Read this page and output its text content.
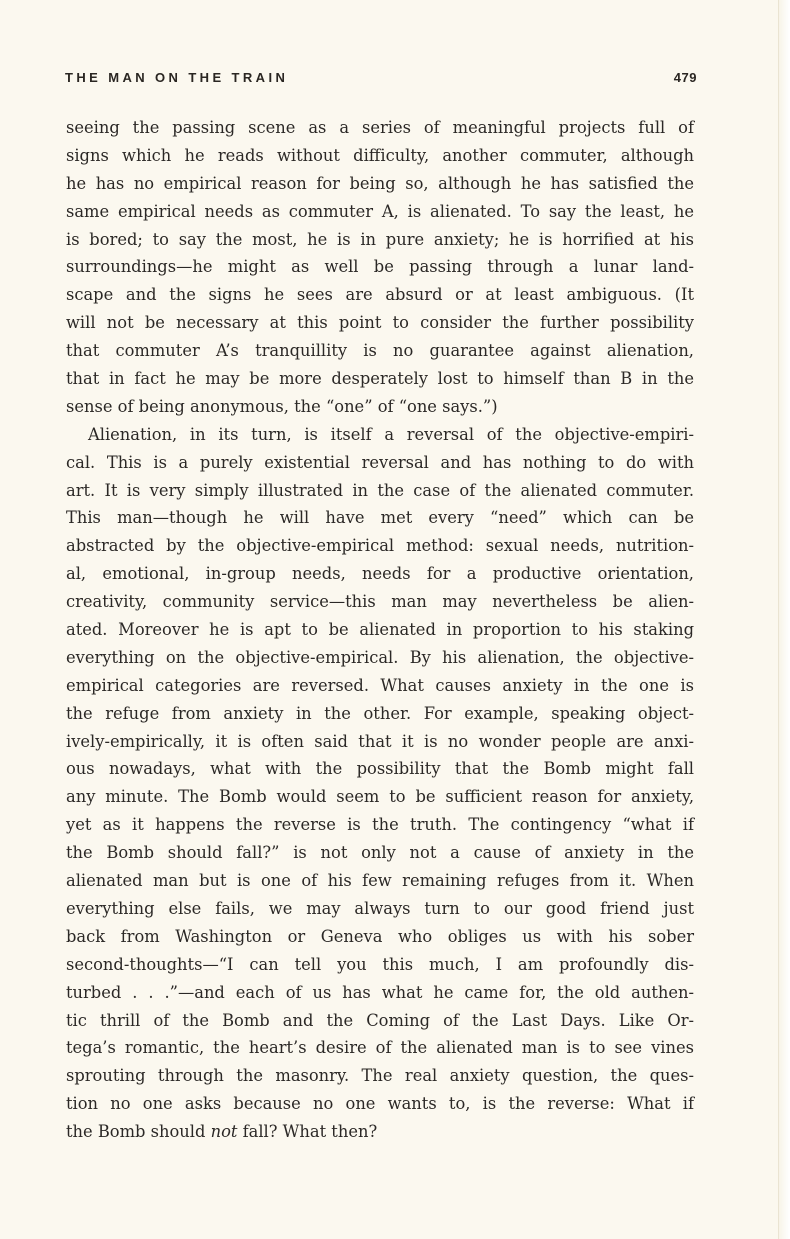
THE MAN ON THE TRAIN	479
seeing the passing scene as a series of meaningful projects full of
signs which he reads without difficulty, another commuter, although
he has no empirical reason for being so, although he has satisfied the
same empirical needs as commuter A, is alienated. To say the least, he
is bored; to say the most, he is in pure anxiety; he is horrified at his
surroundings—he might as well be passing through a lunar land-
scape and the signs he sees are absurd or at least ambiguous. (It
will not be necessary at this point to consider the further possibility
that commuter A’s tranquillity is no guarantee against alienation,
that in fact he may be more desperately lost to himself than B in the
sense of being anonymous, the “one” of “one says.”)
Alienation, in its turn, is itself a reversal of the objective-empiri-
cal. This is a purely existential reversal and has nothing to do with
art. It is very simply illustrated in the case of the alienated commuter.
This man—though he will have met every “need” which can be
abstracted by the objective-empirical method: sexual needs, nutrition-
al, emotional, in-group needs, needs for a productive orientation,
creativity, community service—this man may nevertheless be alien-
ated. Moreover he is apt to be alienated in proportion to his staking
everything on the objective-empirical. By his alienation, the objective-
empirical categories are reversed. What causes anxiety in the one is
the refuge from anxiety in the other. For example, speaking object-
ively-empirically, it is often said that it is no wonder people are anxi-
ous nowadays, what with the possibility that the Bomb might fall
any minute. The Bomb would seem to be sufficient reason for anxiety,
yet as it happens the reverse is the truth. The contingency “what if
the Bomb should fall?” is not only not a cause of anxiety in the
alienated man but is one of his few remaining refuges from it. When
everything else fails, we may always turn to our good friend just
back from Washington or Geneva who obliges us with his sober
second-thoughts—“I can tell you this much, I am profoundly dis-
turbed . . .”—and each of us has what he came for, the old authen-
tic thrill of the Bomb and the Coming of the Last Days. Like Or-
tega’s romantic, the heart’s desire of the alienated man is to see vines
sprouting through the masonry. The real anxiety question, the ques-
tion no one asks because no one wants to, is the reverse: What if
the Bomb should not fall? What then?
